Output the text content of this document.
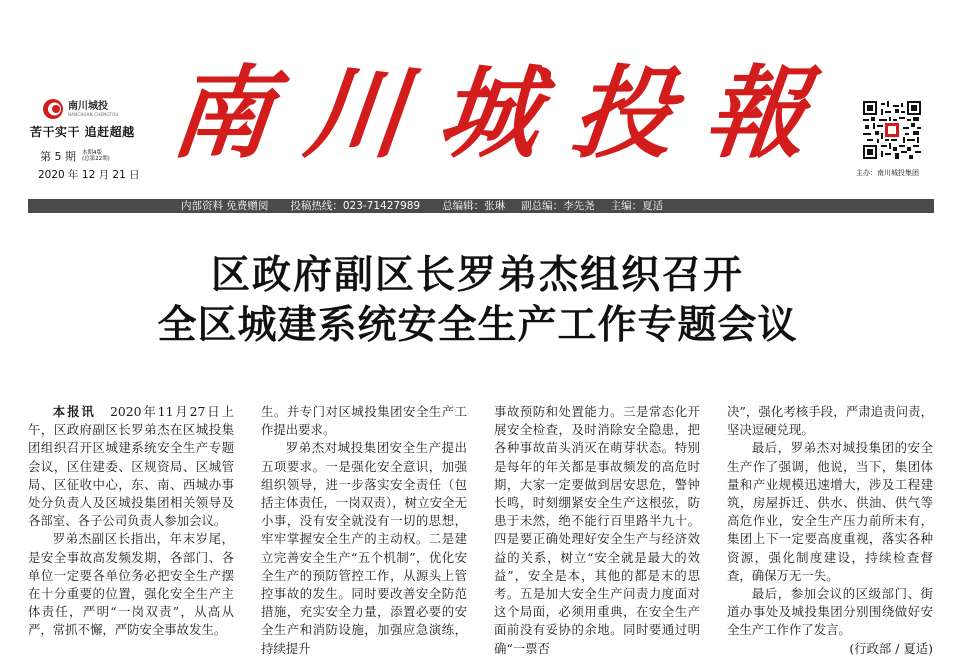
南川城投
NANCHUAN CHENGTOU
苦干实干 追赶超越
第 5 期 本期4版
(总第22期)
2020 年 12 月 21 日
南 川 城 投 報
主办：南川城投集团
内部资料 免费赠阅 投稿热线：023-71427989 总编辑：张琳 副总编：李先尧 主编：夏适
区政府副区长罗弟杰组织召开
全区城建系统安全生产工作专题会议

本报讯　2020年11月27日上午，区政府副区长罗弟杰在区城投集团组织召开区城建系统安全生产专题会议，区住建委、区规资局、区城管局、区征收中心，东、南、西城办事处分负责人及区城投集团相关领导及各部室、各子公司负责人参加会议。

罗弟杰副区长指出，年末岁尾，是安全事故高发频发期，各部门、各单位一定要各单位务必把安全生产摆在十分重要的位置，强化安全生产主体责任，严明“一岗双责”，从高从严，常抓不懈，严防安全事故发生。

生。并专门对区城投集团安全生产工作提出要求。

罗弟杰对城投集团安全生产提出五项要求。一是强化安全意识，加强组织领导，进一步落实安全责任（包括主体责任，一岗双责），树立安全无小事，没有安全就没有一切的思想，牢牢掌握安全生产的主动权。二是建立完善安全生产“五个机制”，优化安全生产的预防管控工作，从源头上管控事故的发生。同时要改善安全防范措施，充实安全力量，添置必要的安全生产和消防设施，加强应急演练，持续提升

事故预防和处置能力。三是常态化开展安全检查，及时消除安全隐患，把各种事故苗头消灭在萌芽状态。特别是每年的年关都是事故频发的高危时期，大家一定要做到居安思危，警钟长鸣，时刻绷紧安全生产这根弦，防患于未然，绝不能行百里路半九十。四是要正确处理好安全生产与经济效益的关系，树立“安全就是最大的效益”，安全是本，其他的都是末的思考。五是加大安全生产问责力度面对这个局面，必须用重典，在安全生产面前没有妥协的余地。同时要通过明确“一票否

决”，强化考核手段，严肃追责问责，坚决逗硬兑现。

最后，罗弟杰对城投集团的安全生产作了强调，他说，当下，集团体量和产业规模迅速增大，涉及工程建筑，房屋拆迁、供水、供油、供气等高危作业，安全生产压力前所未有，集团上下一定要高度重视，落实各种资源，强化制度建设，持续检查督查，确保万无一失。

最后，参加会议的区级部门、街道办事处及城投集团分别围绕做好安全生产工作作了发言。

(行政部 / 夏适)
